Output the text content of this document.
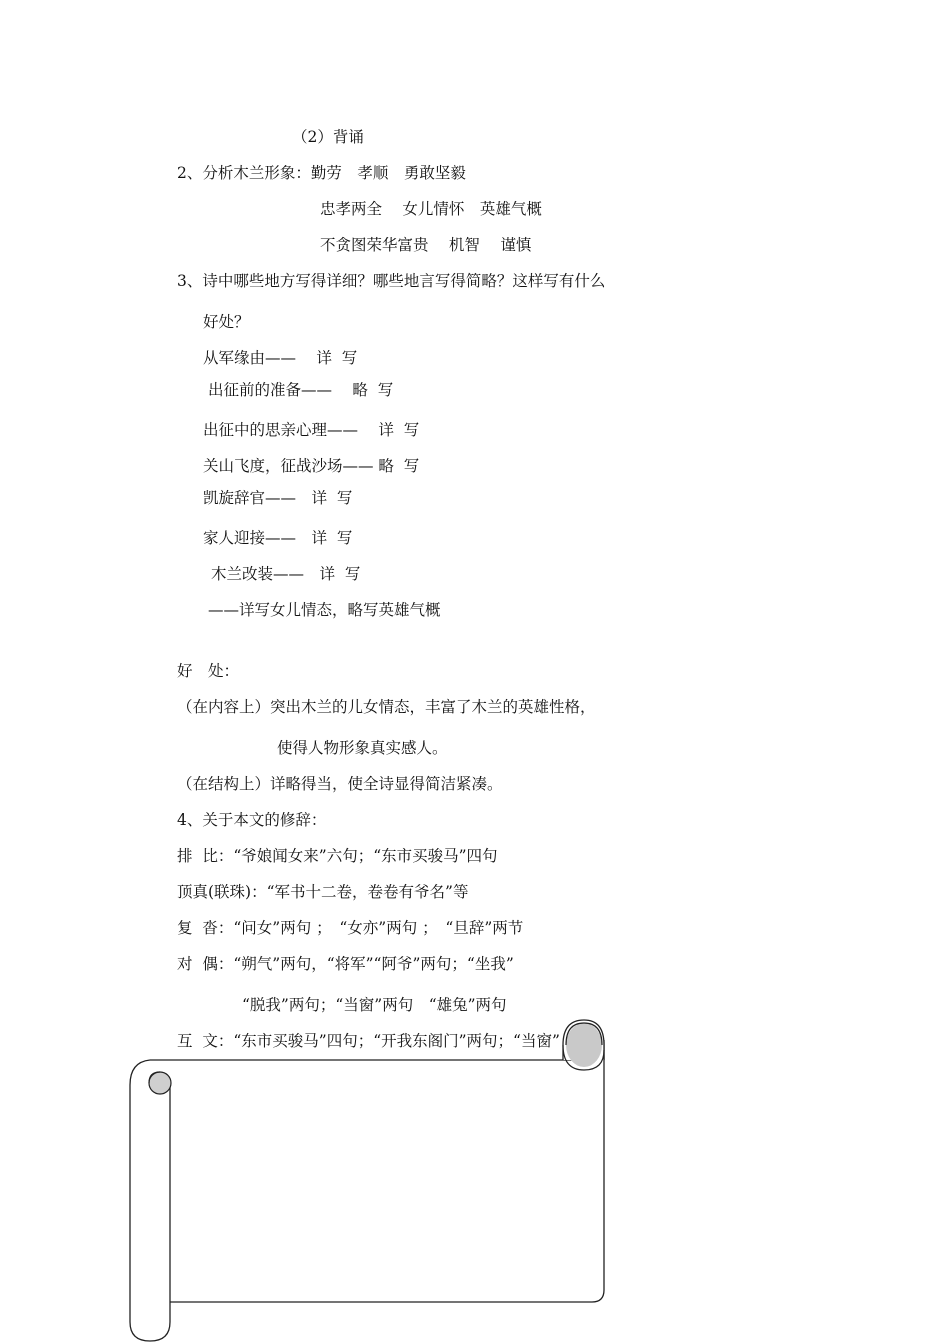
（2）背诵
2、分析木兰形象：勤劳　孝顺　勇敢坚毅
忠孝两全　 女儿情怀　英雄气概
不贪图荣华富贵　 机智　 谨慎
3、诗中哪些地方写得详细？哪些地言写得简略？这样写有什么
好处？
从军缘由——　 详  写
出征前的准备——　 略  写
出征中的思亲心理——　 详  写
关山飞度，征战沙场—— 略  写
凯旋辞官——　详  写
家人迎接——　详  写
木兰改装——　详  写
——详写女儿情态，略写英雄气概
好　处：
（在内容上）突出木兰的儿女情态，丰富了木兰的英雄性格，
使得人物形象真实感人。
（在结构上）详略得当，使全诗显得简洁紧凑。
4、关于本文的修辞：
排  比：“爷娘闻女来”六句；“东市买骏马”四句
顶真(联珠)：“军书十二卷，卷卷有爷名”等
复  沓：“问女”两句 ；　“女亦”两句 ；　“旦辞”两节
对  偶：“朔气”两句，“将军”“阿爷”两句；“坐我”
“脱我”两句；“当窗”两句　“雄兔”两句
互  文：“东市买骏马”四句；“开我东阁门”两句；“当窗”
